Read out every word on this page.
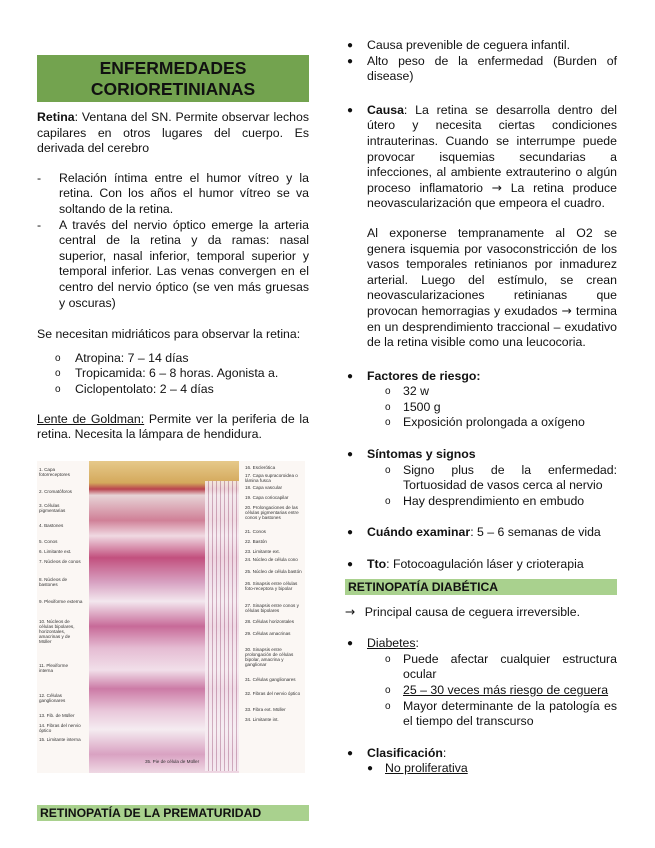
ENFERMEDADES CORIORETINIANAS

Retina: Ventana del SN. Permite observar lechos capilares en otros lugares del cuerpo. Es derivada del cerebro

- Relación íntima entre el humor vítreo y la retina. Con los años el humor vítreo se va soltando de la retina.
- A través del nervio óptico emerge la arteria central de la retina y da ramas: nasal superior, nasal inferior, temporal superior y temporal inferior. Las venas convergen en el centro del nervio óptico (se ven más gruesas y oscuras)

Se necesitan midriáticos para observar la retina:

o Atropina: 7 – 14 días
o Tropicamida: 6 – 8 horas. Agonista a.
o Ciclopentolato: 2 – 4 días

Lente de Goldman: Permite ver la periferia de la retina. Necesita la lámpara de hendidura.

1. Capa fotorreceptores
2. Cromatóforos
3. Células pigmentarias
4. Bastones
5. Conos
6. Limitante ext.
7. Núcleos de conos
8. Núcleos de bastones
9. Plexiforme externa
10. Núcleos de células bipolares, horizontales, amacrinas y de Müller
11. Plexiforme interna
12. Células ganglionares
13. Fib. de Müller
14. Fibras del nervio óptico
15. Limitante interna
16. Esclerótica
17. Capa supracoroidea o lámina fusca
18. Capa vascular
19. Capa coriocapilar
20. Prolongaciones de las células pigmentarias entre conos y bastones
21. Conos
22. Bastón
23. Limitante ext.
24. Núcleo de célula cono
25. Núcleo de célula bastón
26. Sinapsis entre células foto-receptora y bipolar
27. Sinapsis entre conos y células bipolares
28. Células horizontales
29. Células amacrinas
30. Sinapsis entre prolongación de células bipolar, amacrina y ganglionar
31. Células ganglionares
32. Fibras del nervio óptico
33. Fibra ext. Müller
34. Limitante int.
35. Pie de célula de Müller
RETINOPATÍA DE LA PREMATURIDAD
● Causa prevenible de ceguera infantil.
● Alto peso de la enfermedad (Burden of disease)
● Causa: La retina se desarrolla dentro del útero y necesita ciertas condiciones intrauterinas. Cuando se interrumpe puede provocar isquemias secundarias a infecciones, al ambiente extrauterino o algún proceso inflamatorio → La retina produce neovascularización que empeora el cuadro.

Al exponerse tempranamente al O2 se genera isquemia por vasoconstricción de los vasos temporales retinianos por inmadurez arterial. Luego del estímulo, se crean neovascularizaciones retinianas que provocan hemorragias y exudados → termina en un desprendimiento traccional – exudativo de la retina visible como una leucocoria.

● Factores de riesgo:
o 32 w
o 1500 g
o Exposición prolongada a oxígeno
● Síntomas y signos
o Signo plus de la enfermedad: Tortuosidad de vasos cerca al nervio
o Hay desprendimiento en embudo
● Cuándo examinar: 5 – 6 semanas de vida
● Tto: Fotocoagulación láser y crioterapia
RETINOPATÍA DIABÉTICA

→ Principal causa de ceguera irreversible.

● Diabetes:
o Puede afectar cualquier estructura ocular
o 25 – 30 veces más riesgo de ceguera
o Mayor determinante de la patología es el tiempo del transcurso
● Clasificación:
● No proliferativa
